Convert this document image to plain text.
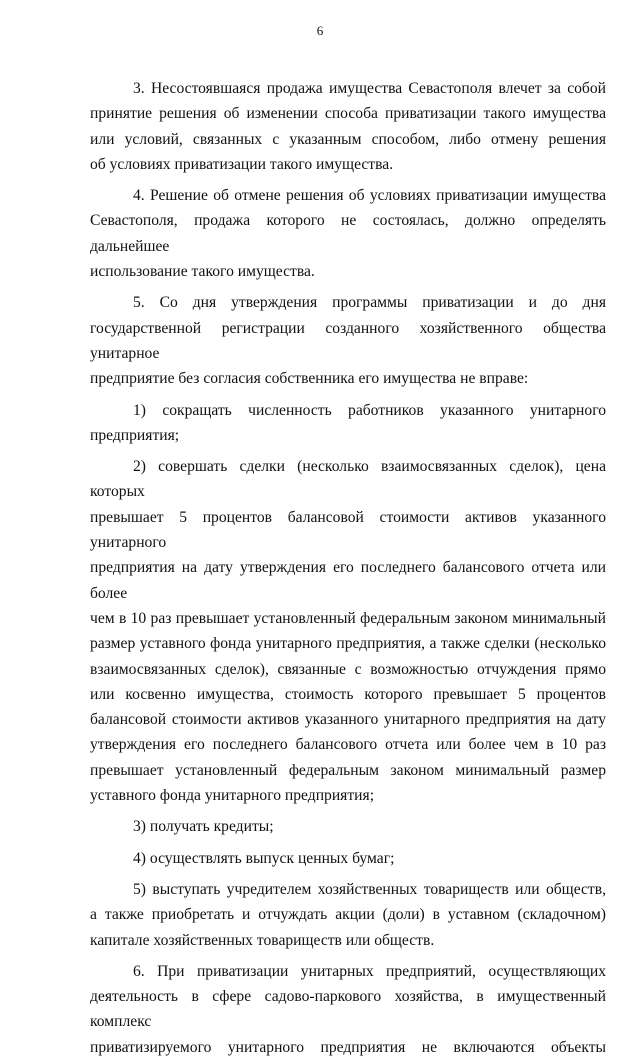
6
3. Несостоявшаяся продажа имущества Севастополя влечет за собой
принятие решения об изменении способа приватизации такого имущества
или условий, связанных с указанным способом, либо отмену решения
об условиях приватизации такого имущества.
4. Решение об отмене решения об условиях приватизации имущества
Севастополя, продажа которого не состоялась, должно определять дальнейшее
использование такого имущества.
5. Со дня утверждения программы приватизации и до дня
государственной регистрации созданного хозяйственного общества унитарное
предприятие без согласия собственника его имущества не вправе:
1) сокращать численность работников указанного унитарного
предприятия;
2) совершать сделки (несколько взаимосвязанных сделок), цена которых
превышает 5 процентов балансовой стоимости активов указанного унитарного
предприятия на дату утверждения его последнего балансового отчета или более
чем в 10 раз превышает установленный федеральным законом минимальный
размер уставного фонда унитарного предприятия, а также сделки (несколько
взаимосвязанных сделок), связанные с возможностью отчуждения прямо
или косвенно имущества, стоимость которого превышает 5 процентов
балансовой стоимости активов указанного унитарного предприятия на дату
утверждения его последнего балансового отчета или более чем в 10 раз
превышает установленный федеральным законом минимальный размер
уставного фонда унитарного предприятия;
3) получать кредиты;
4) осуществлять выпуск ценных бумаг;
5) выступать учредителем хозяйственных товариществ или обществ,
а также приобретать и отчуждать акции (доли) в уставном (складочном)
капитале хозяйственных товариществ или обществ.
6. При приватизации унитарных предприятий, осуществляющих
деятельность в сфере садово-паркового хозяйства, в имущественный комплекс
приватизируемого унитарного предприятия не включаются объекты
